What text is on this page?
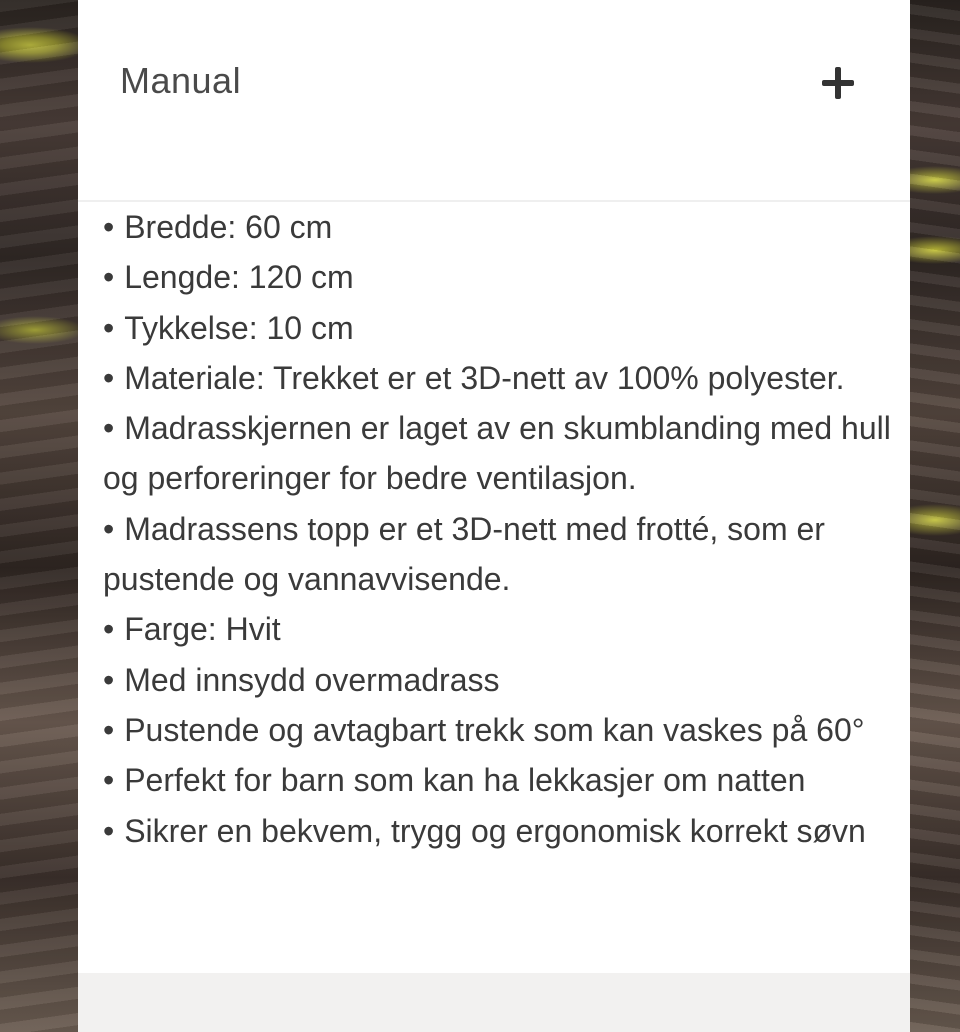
Manual
• Bredde: 60 cm
• Lengde: 120 cm
• Tykkelse: 10 cm
• Materiale: Trekket er et 3D-nett av 100% polyester.
• Madrasskjernen er laget av en skumblanding med hull og perforeringer for bedre ventilasjon.
• Madrassens topp er et 3D-nett med frotté, som er pustende og vannavvisende.
• Farge: Hvit
• Med innsydd overmadrass
• Pustende og avtagbart trekk som kan vaskes på 60°
• Perfekt for barn som kan ha lekkasjer om natten
• Sikrer en bekvem, trygg og ergonomisk korrekt søvn
